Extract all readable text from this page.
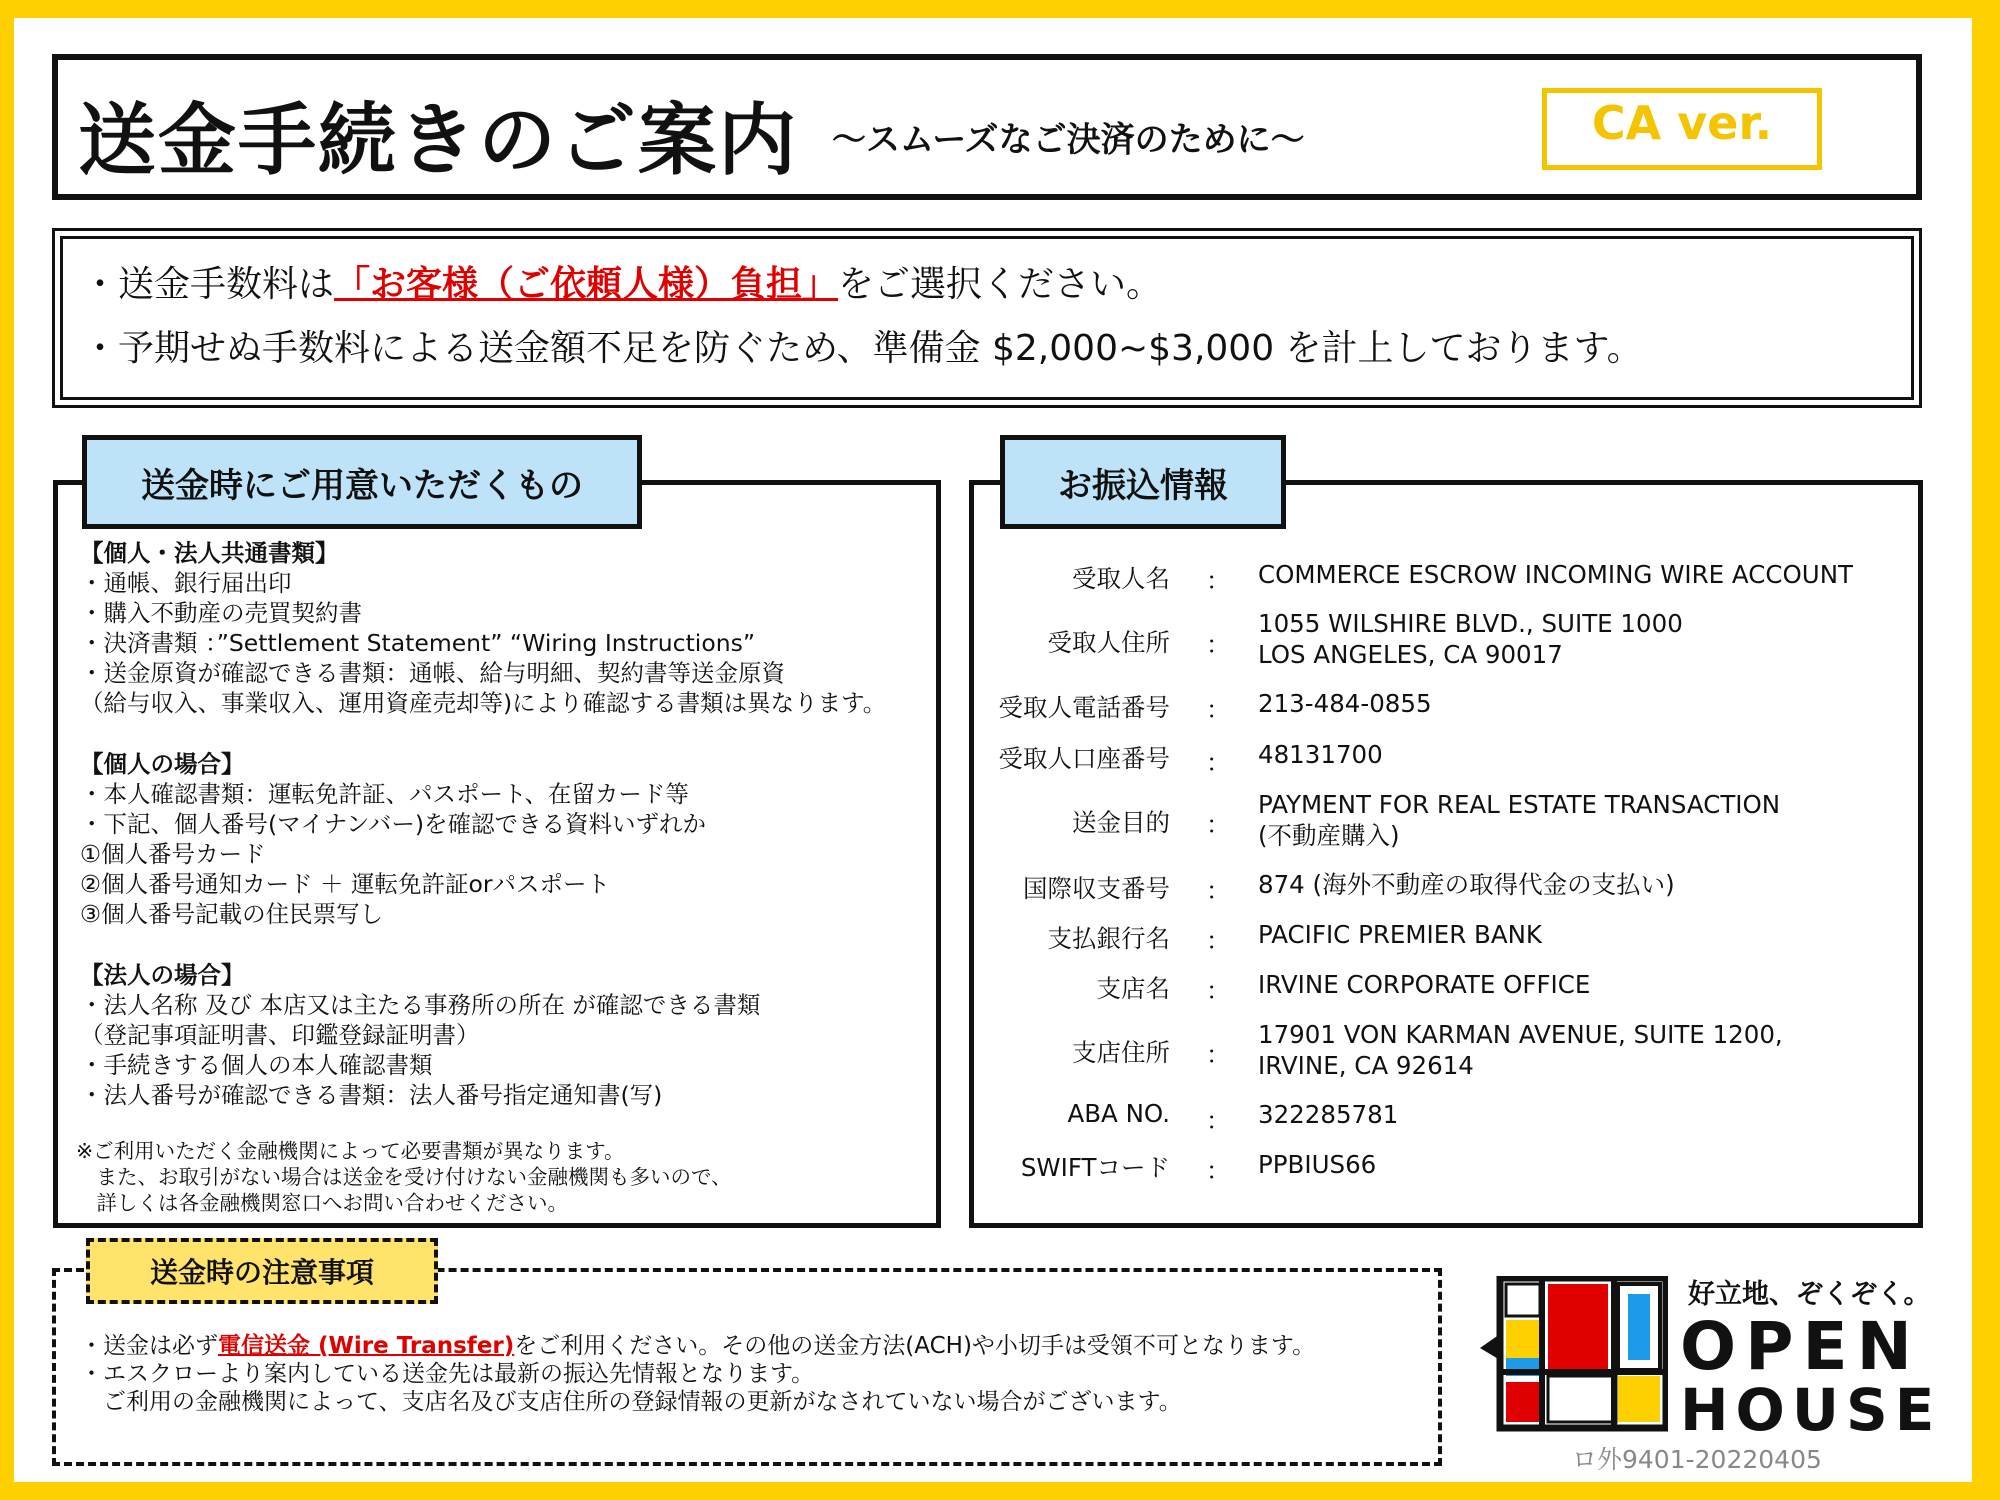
送金手続きのご案内 ～スムーズなご決済のために～	CA ver.
・送金手数料は「お客様（ご依頼人様）負担」をご選択ください。
・予期せぬ手数料による送金額不足を防ぐため、準備金 $2,000~$3,000 を計上しております。
送金時にご用意いただくもの
【個人・法人共通書類】
・通帳、銀行届出印
・購入不動産の売買契約書
・決済書類 ：”Settlement Statement” “Wiring Instructions”
・送金原資が確認できる書類：通帳、給与明細、契約書等送金原資
（給与収入、事業収入、運用資産売却等)により確認する書類は異なります。
【個人の場合】
・本人確認書類：運転免許証、パスポート、在留カード等
・下記、個人番号(マイナンバー)を確認できる資料いずれか
①個人番号カード
②個人番号通知カード ＋ 運転免許証orパスポート
③個人番号記載の住民票写し
【法人の場合】
・法人名称 及び 本店又は主たる事務所の所在 が確認できる書類
（登記事項証明書、印鑑登録証明書）
・手続きする個人の本人確認書類
・法人番号が確認できる書類：法人番号指定通知書(写)
※ご利用いただく金融機関によって必要書類が異なります。
　また、お取引がない場合は送金を受け付けない金融機関も多いので、
　詳しくは各金融機関窓口へお問い合わせください。
お振込情報
受取人名 ： COMMERCE ESCROW INCOMING WIRE ACCOUNT
受取人住所 ：
1055 WILSHIRE BLVD., SUITE 1000
LOS ANGELES, CA 90017
受取人電話番号 ： 213-484-0855
受取人口座番号 ： 48131700
送金目的 ：
PAYMENT FOR REAL ESTATE TRANSACTION
(不動産購入)
国際収支番号 ： 874 (海外不動産の取得代金の支払い)
支払銀行名 ： PACIFIC PREMIER BANK
支店名 ： IRVINE CORPORATE OFFICE
支店住所 ：
17901 VON KARMAN AVENUE, SUITE 1200,
IRVINE, CA 92614
ABA NO. ： 322285781
SWIFTコード ： PPBIUS66
送金時の注意事項
・送金は必ず電信送金 (Wire Transfer)をご利用ください。その他の送金方法(ACH)や小切手は受領不可となります。
・エスクローより案内している送金先は最新の振込先情報となります。
　ご利用の金融機関によって、支店名及び支店住所の登録情報の更新がなされていない場合がございます。
好立地、ぞくぞく。
OPEN
HOUSE
ロ外9401-20220405
